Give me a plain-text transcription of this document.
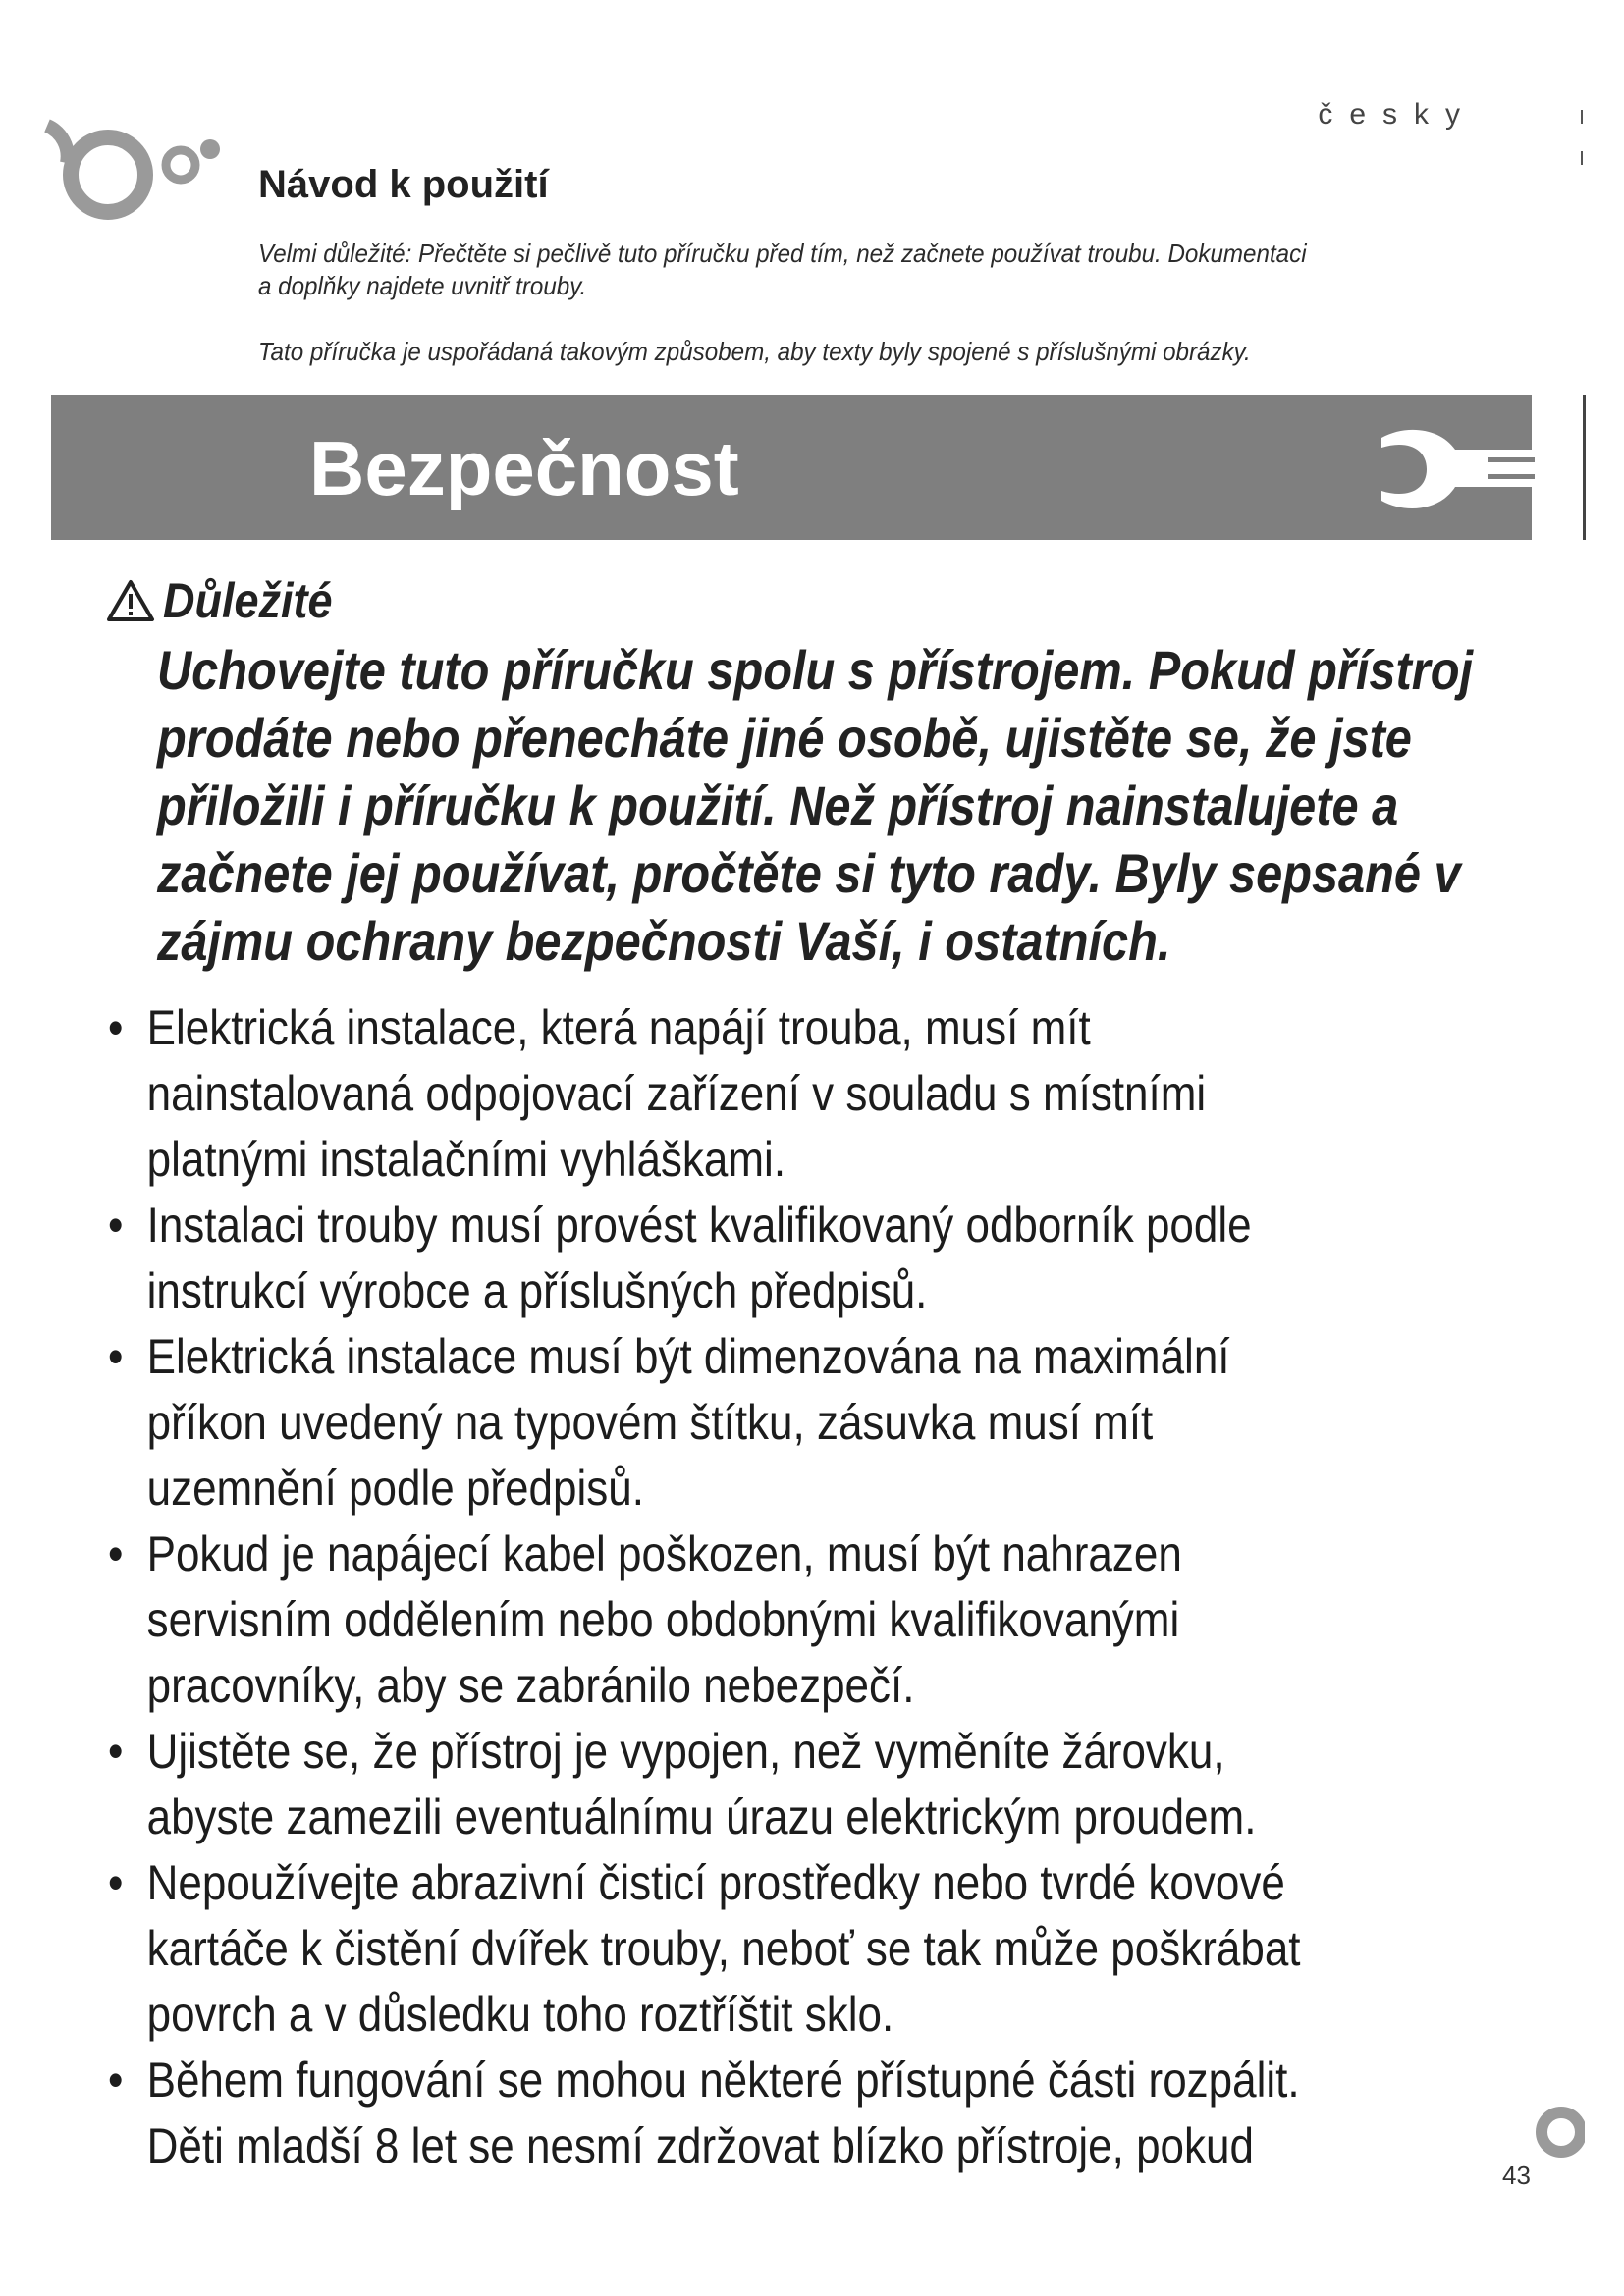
česky
Návod k použití
Velmi důležité: Přečtěte si pečlivě tuto příručku před tím, než začnete používat troubu. Dokumentaci
a doplňky najdete uvnitř trouby.
Tato příručka je uspořádaná takovým způsobem, aby texty byly spojené s příslušnými obrázky.
Bezpečnost
Důležité
Uchovejte tuto příručku spolu s přístrojem. Pokud přístroj
prodáte nebo přenecháte jiné osobě, ujistěte se, že jste
přiložili i příručku k použití. Než přístroj nainstalujete a
začnete jej používat, pročtěte si tyto rady. Byly sepsané v
zájmu ochrany bezpečnosti Vaší, i ostatních.
• Elektrická instalace, která napájí trouba, musí mít
nainstalovaná odpojovací zařízení v souladu s místními
platnými instalačními vyhláškami.
• Instalaci trouby musí provést kvalifikovaný odborník podle
instrukcí výrobce a příslušných předpisů.
• Elektrická instalace musí být dimenzována na maximální
příkon uvedený na typovém štítku, zásuvka musí mít
uzemnění podle předpisů.
• Pokud je napájecí kabel poškozen, musí být nahrazen
servisním oddělením nebo obdobnými kvalifikovanými
pracovníky, aby se zabránilo nebezpečí.
• Ujistěte se, že přístroj je vypojen, než vyměníte žárovku,
abyste zamezili eventuálnímu úrazu elektrickým proudem.
• Nepoužívejte abrazivní čisticí prostředky nebo tvrdé kovové
kartáče k čistění dvířek trouby, neboť se tak může poškrábat
povrch a v důsledku toho roztříštit sklo.
• Během fungování se mohou některé přístupné části rozpálit.
Děti mladší 8 let se nesmí zdržovat blízko přístroje, pokud
43
